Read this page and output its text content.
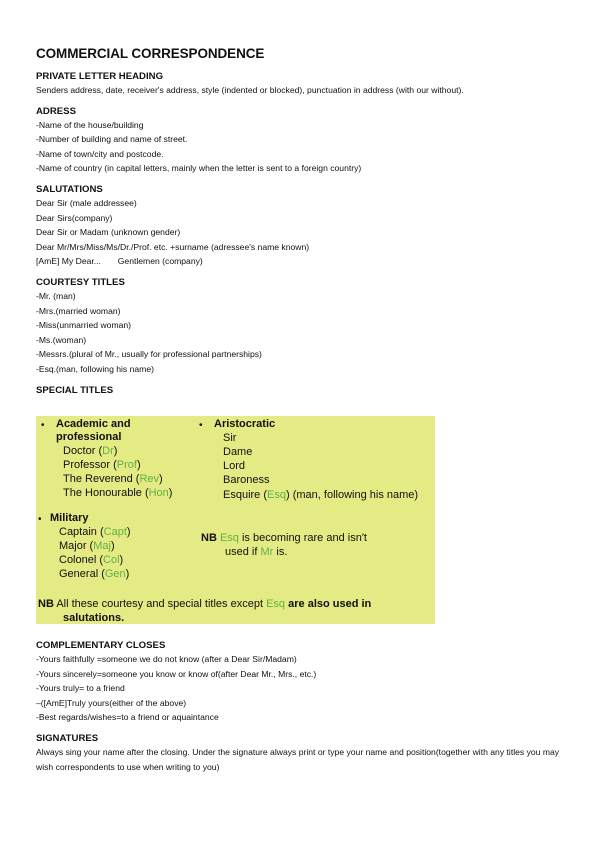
COMMERCIAL CORRESPONDENCE
PRIVATE LETTER HEADING
Senders address, date, receiver's address, style (indented or blocked), punctuation in address (with our without).
ADRESS
-Name of the house/building
-Number of building and name of street.
-Name of town/city and postcode.
-Name of country (in capital letters, mainly when the letter is sent to a foreign country)
SALUTATIONS
Dear Sir (male addressee)
Dear Sirs(company)
Dear Sir or Madam (unknown gender)
Dear Mr/Mrs/Miss/Ms/Dr./Prof. etc. +surname (adressee's name known)
[AmE] My Dear... Gentlemen (company)
COURTESY TITLES
-Mr. (man)
-Mrs.(married woman)
-Miss(unmarried woman)
-Ms.(woman)
-Messrs.(plural of Mr., usually for professional partnerships)
-Esq.(man, following his name)
SPECIAL TITLES
• Academic and
professional
Doctor (Dr)
Professor (Prof)
The Reverend (Rev)
The Honourable (Hon)
• Aristocratic
Sir
Dame
Lord
Baroness
Esquire (Esq) (man, following his name)
• Military
Captain (Capt)
Major (Maj)
Colonel (Col)
General (Gen)
NB Esq is becoming rare and isn't
used if Mr is.
NB All these courtesy and special titles except Esq are also used in
salutations.
COMPLEMENTARY CLOSES
-Yours faithfully =someone we do not know (after a Dear Sir/Madam)
-Yours sincerely=someone you know or know of(after Dear Mr., Mrs., etc.)
-Yours truly= to a friend
–([AmE]Truly yours(either of the above)
-Best regards/wishes=to a friend or aquaintance
SIGNATURES
Always sing your name after the closing. Under the signature always print or type your name and position(together with any titles you may wish correspondents to use when writing to you)
